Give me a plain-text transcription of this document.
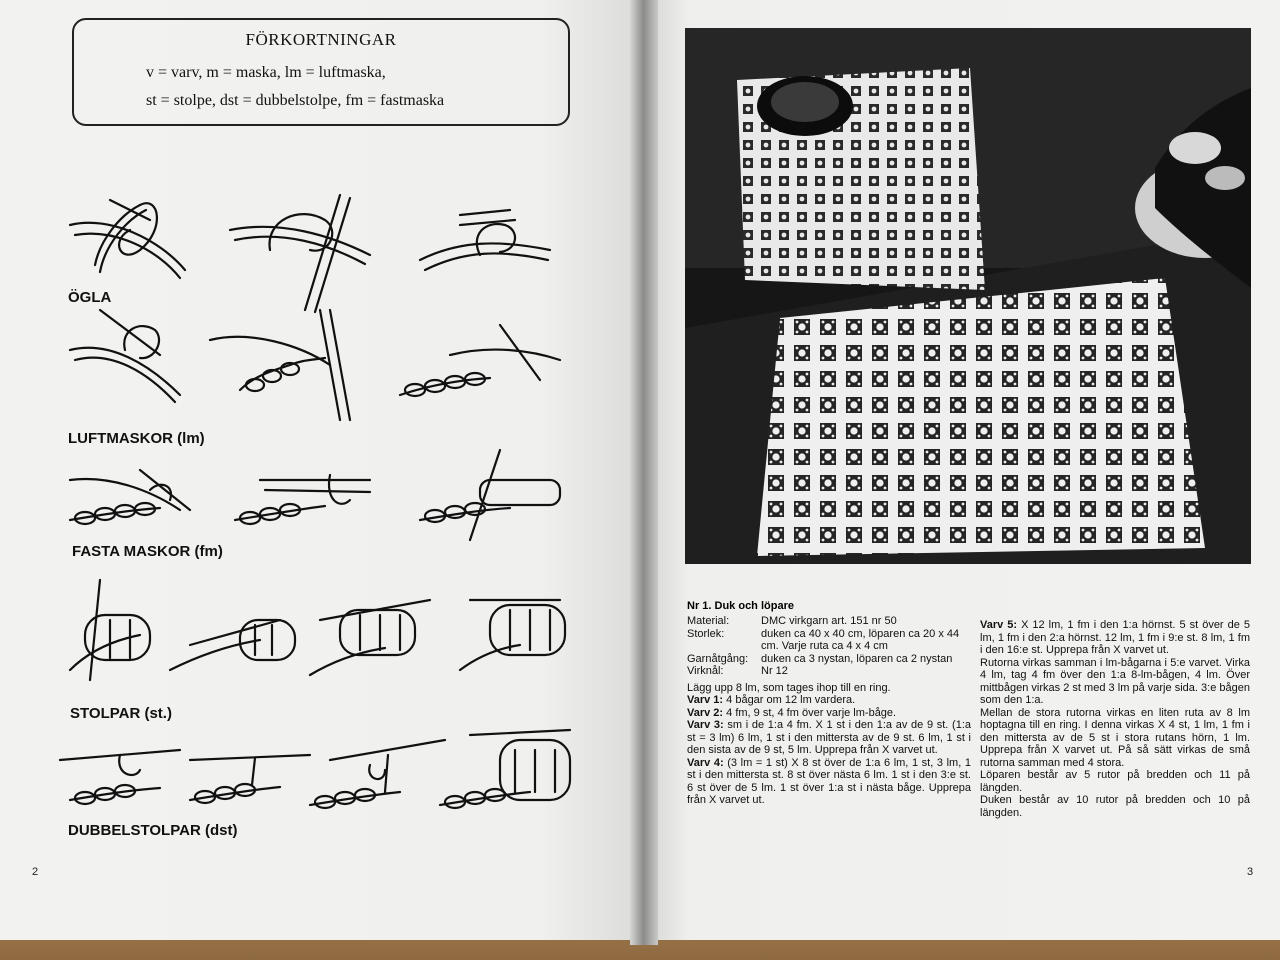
FÖRKORTNINGAR
v = varv, m = maska, lm = luftmaska,
st = stolpe, dst = dubbelstolpe, fm = fastmaska
ÖGLA
LUFTMASKOR (lm)
FASTA MASKOR (fm)
STOLPAR (st.)
DUBBELSTOLPAR (dst)
2
Nr 1. Duk och löpare
Material:	DMC virkgarn art. 151 nr 50
Storlek:	duken ca 40 x 40 cm, löparen ca 20 x 44 cm. Varje ruta ca 4 x 4 cm
Garnåtgång:	duken ca 3 nystan, löparen ca 2 nystan
Virknål:	Nr 12
Lägg upp 8 lm, som tages ihop till en ring.
Varv 1: 4 bågar om 12 lm vardera.
Varv 2: 4 fm, 9 st, 4 fm över varje lm-båge.
Varv 3: sm i de 1:a 4 fm. X 1 st i den 1:a av de 9 st. (1:a st = 3 lm) 6 lm, 1 st i den mittersta av de 9 st. 6 lm, 1 st i den sista av de 9 st, 5 lm. Upprepa från X varvet ut.
Varv 4: (3 lm = 1 st) X 8 st över de 1:a 6 lm, 1 st, 3 lm, 1 st i den mittersta st. 8 st över nästa 6 lm. 1 st i den 3:e st. 6 st över de 5 lm. 1 st över 1:a st i nästa båge. Upprepa från X varvet ut.

Varv 5: X 12 lm, 1 fm i den 1:a hörnst. 5 st över de 5 lm, 1 fm i den 2:a hörnst. 12 lm, 1 fm i 9:e st. 8 lm, 1 fm i den 16:e st. Upprepa från X varvet ut.

Rutorna virkas samman i lm-bågarna i 5:e varvet. Virka 4 lm, tag 4 fm över den 1:a 8-lm-bågen, 4 lm. Över mittbågen virkas 2 st med 3 lm på varje sida. 3:e bågen som den 1:a.

Mellan de stora rutorna virkas en liten ruta av 8 lm hoptagna till en ring. I denna virkas X 4 st, 1 lm, 1 fm i den mittersta av de 5 st i stora rutans hörn, 1 lm. Upprepa från X varvet ut. På så sätt virkas de små rutorna samman med 4 stora.

Löparen består av 5 rutor på bredden och 11 på längden.

Duken består av 10 rutor på bredden och 10 på längden.

3
